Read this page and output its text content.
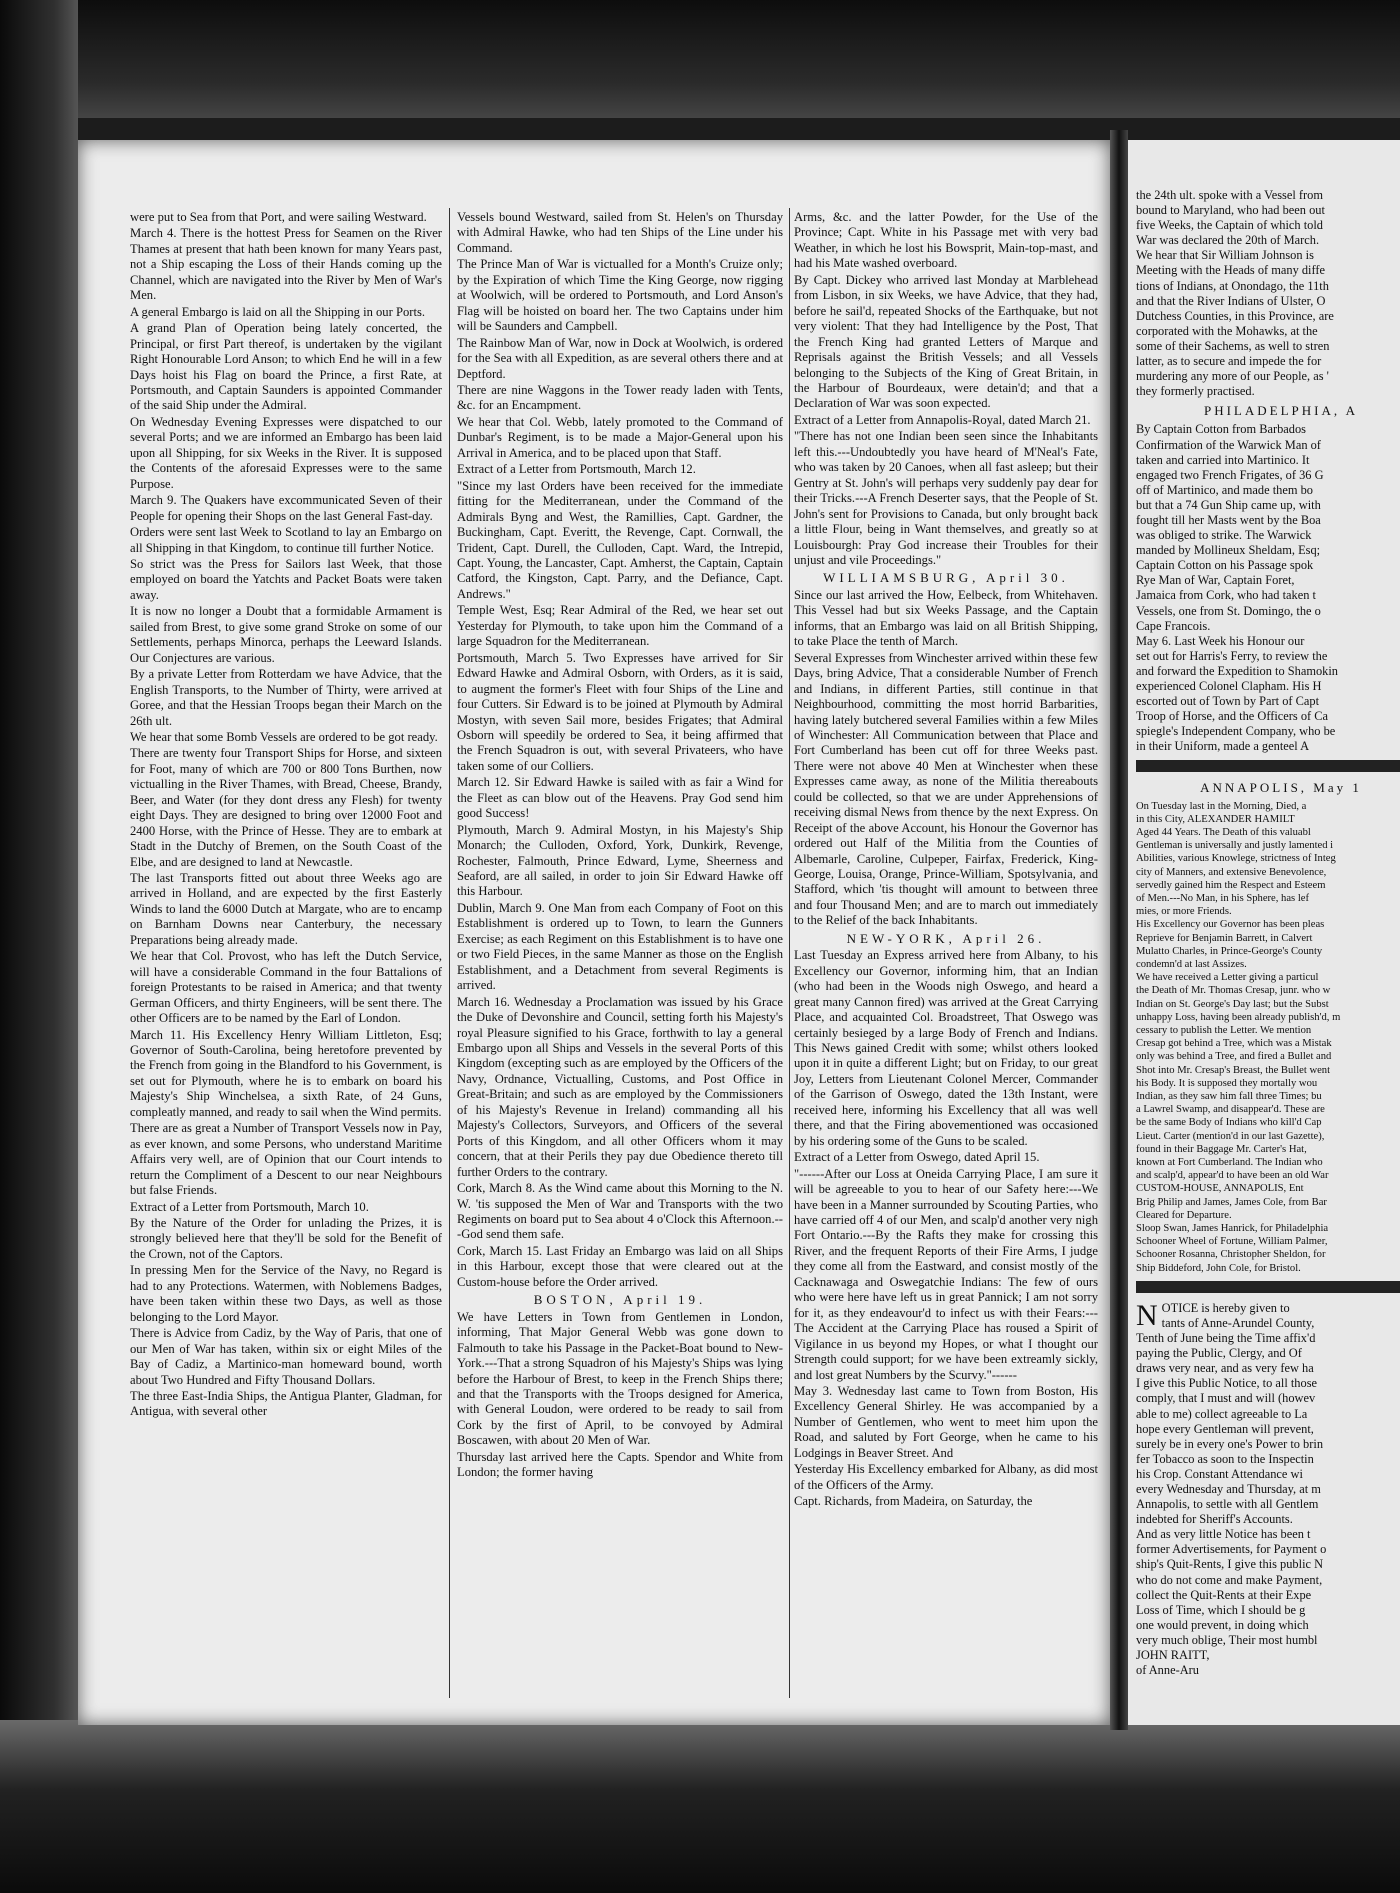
were put to Sea from that Port, and were sailing Westward.

March 4. There is the hottest Press for Seamen on the River Thames at present that hath been known for many Years past, not a Ship escaping the Loss of their Hands coming up the Channel, which are navigated into the River by Men of War's Men.

A general Embargo is laid on all the Shipping in our Ports.

A grand Plan of Operation being lately concerted, the Principal, or first Part thereof, is undertaken by the vigilant Right Honourable Lord Anson; to which End he will in a few Days hoist his Flag on board the Prince, a first Rate, at Portsmouth, and Captain Saunders is appointed Commander of the said Ship under the Admiral.

On Wednesday Evening Expresses were dispatched to our several Ports; and we are informed an Embargo has been laid upon all Shipping, for six Weeks in the River. It is supposed the Contents of the aforesaid Expresses were to the same Purpose.

March 9. The Quakers have excommunicated Seven of their People for opening their Shops on the last General Fast-day.

Orders were sent last Week to Scotland to lay an Embargo on all Shipping in that Kingdom, to continue till further Notice.

So strict was the Press for Sailors last Week, that those employed on board the Yatchts and Packet Boats were taken away.

It is now no longer a Doubt that a formidable Armament is sailed from Brest, to give some grand Stroke on some of our Settlements, perhaps Minorca, perhaps the Leeward Islands. Our Conjectures are various.

By a private Letter from Rotterdam we have Advice, that the English Transports, to the Number of Thirty, were arrived at Goree, and that the Hessian Troops began their March on the 26th ult.

We hear that some Bomb Vessels are ordered to be got ready.

There are twenty four Transport Ships for Horse, and sixteen for Foot, many of which are 700 or 800 Tons Burthen, now victualling in the River Thames, with Bread, Cheese, Brandy, Beer, and Water (for they dont dress any Flesh) for twenty eight Days. They are designed to bring over 12000 Foot and 2400 Horse, with the Prince of Hesse. They are to embark at Stadt in the Dutchy of Bremen, on the South Coast of the Elbe, and are designed to land at Newcastle.

The last Transports fitted out about three Weeks ago are arrived in Holland, and are expected by the first Easterly Winds to land the 6000 Dutch at Margate, who are to encamp on Barnham Downs near Canterbury, the necessary Preparations being already made.

We hear that Col. Provost, who has left the Dutch Service, will have a considerable Command in the four Battalions of foreign Protestants to be raised in America; and that twenty German Officers, and thirty Engineers, will be sent there. The other Officers are to be named by the Earl of London.

March 11. His Excellency Henry William Littleton, Esq; Governor of South-Carolina, being heretofore prevented by the French from going in the Blandford to his Government, is set out for Plymouth, where he is to embark on board his Majesty's Ship Winchelsea, a sixth Rate, of 24 Guns, compleatly manned, and ready to sail when the Wind permits.

There are as great a Number of Transport Vessels now in Pay, as ever known, and some Persons, who understand Maritime Affairs very well, are of Opinion that our Court intends to return the Compliment of a Descent to our near Neighbours but false Friends.

Extract of a Letter from Portsmouth, March 10.

By the Nature of the Order for unlading the Prizes, it is strongly believed here that they'll be sold for the Benefit of the Crown, not of the Captors.

In pressing Men for the Service of the Navy, no Regard is had to any Protections. Watermen, with Noblemens Badges, have been taken within these two Days, as well as those belonging to the Lord Mayor.

There is Advice from Cadiz, by the Way of Paris, that one of our Men of War has taken, within six or eight Miles of the Bay of Cadiz, a Martinico-man homeward bound, worth about Two Hundred and Fifty Thousand Dollars.

The three East-India Ships, the Antigua Planter, Gladman, for Antigua, with several other

Vessels bound Westward, sailed from St. Helen's on Thursday with Admiral Hawke, who had ten Ships of the Line under his Command.

The Prince Man of War is victualled for a Month's Cruize only; by the Expiration of which Time the King George, now rigging at Woolwich, will be ordered to Portsmouth, and Lord Anson's Flag will be hoisted on board her. The two Captains under him will be Saunders and Campbell.

The Rainbow Man of War, now in Dock at Woolwich, is ordered for the Sea with all Expedition, as are several others there and at Deptford.

There are nine Waggons in the Tower ready laden with Tents, &c. for an Encampment.

We hear that Col. Webb, lately promoted to the Command of Dunbar's Regiment, is to be made a Major-General upon his Arrival in America, and to be placed upon that Staff.

Extract of a Letter from Portsmouth, March 12.

"Since my last Orders have been received for the immediate fitting for the Mediterranean, under the Command of the Admirals Byng and West, the Ramillies, Capt. Gardner, the Buckingham, Capt. Everitt, the Revenge, Capt. Cornwall, the Trident, Capt. Durell, the Culloden, Capt. Ward, the Intrepid, Capt. Young, the Lancaster, Capt. Amherst, the Captain, Captain Catford, the Kingston, Capt. Parry, and the Defiance, Capt. Andrews."

Temple West, Esq; Rear Admiral of the Red, we hear set out Yesterday for Plymouth, to take upon him the Command of a large Squadron for the Mediterranean.

Portsmouth, March 5. Two Expresses have arrived for Sir Edward Hawke and Admiral Osborn, with Orders, as it is said, to augment the former's Fleet with four Ships of the Line and four Cutters. Sir Edward is to be joined at Plymouth by Admiral Mostyn, with seven Sail more, besides Frigates; that Admiral Osborn will speedily be ordered to Sea, it being affirmed that the French Squadron is out, with several Privateers, who have taken some of our Colliers.

March 12. Sir Edward Hawke is sailed with as fair a Wind for the Fleet as can blow out of the Heavens. Pray God send him good Success!

Plymouth, March 9. Admiral Mostyn, in his Majesty's Ship Monarch; the Culloden, Oxford, York, Dunkirk, Revenge, Rochester, Falmouth, Prince Edward, Lyme, Sheerness and Seaford, are all sailed, in order to join Sir Edward Hawke off this Harbour.

Dublin, March 9. One Man from each Company of Foot on this Establishment is ordered up to Town, to learn the Gunners Exercise; as each Regiment on this Establishment is to have one or two Field Pieces, in the same Manner as those on the English Establishment, and a Detachment from several Regiments is arrived.

March 16. Wednesday a Proclamation was issued by his Grace the Duke of Devonshire and Council, setting forth his Majesty's royal Pleasure signified to his Grace, forthwith to lay a general Embargo upon all Ships and Vessels in the several Ports of this Kingdom (excepting such as are employed by the Officers of the Navy, Ordnance, Victualling, Customs, and Post Office in Great-Britain; and such as are employed by the Commissioners of his Majesty's Revenue in Ireland) commanding all his Majesty's Collectors, Surveyors, and Officers of the several Ports of this Kingdom, and all other Officers whom it may concern, that at their Perils they pay due Obedience thereto till further Orders to the contrary.

Cork, March 8. As the Wind came about this Morning to the N. W. 'tis supposed the Men of War and Transports with the two Regiments on board put to Sea about 4 o'Clock this Afternoon.---God send them safe.

Cork, March 15. Last Friday an Embargo was laid on all Ships in this Harbour, except those that were cleared out at the Custom-house before the Order arrived.

BOSTON, April 19.

We have Letters in Town from Gentlemen in London, informing, That Major General Webb was gone down to Falmouth to take his Passage in the Packet-Boat bound to New-York.---That a strong Squadron of his Majesty's Ships was lying before the Harbour of Brest, to keep in the French Ships there; and that the Transports with the Troops designed for America, with General Loudon, were ordered to be ready to sail from Cork by the first of April, to be convoyed by Admiral Boscawen, with about 20 Men of War.

Thursday last arrived here the Capts. Spendor and White from London; the former having

Arms, &c. and the latter Powder, for the Use of the Province; Capt. White in his Passage met with very bad Weather, in which he lost his Bowsprit, Main-top-mast, and had his Mate washed overboard.

By Capt. Dickey who arrived last Monday at Marblehead from Lisbon, in six Weeks, we have Advice, that they had, before he sail'd, repeated Shocks of the Earthquake, but not very violent: That they had Intelligence by the Post, That the French King had granted Letters of Marque and Reprisals against the British Vessels; and all Vessels belonging to the Subjects of the King of Great Britain, in the Harbour of Bourdeaux, were detain'd; and that a Declaration of War was soon expected.

Extract of a Letter from Annapolis-Royal, dated March 21.

"There has not one Indian been seen since the Inhabitants left this.---Undoubtedly you have heard of M'Neal's Fate, who was taken by 20 Canoes, when all fast asleep; but their Gentry at St. John's will perhaps very suddenly pay dear for their Tricks.---A French Deserter says, that the People of St. John's sent for Provisions to Canada, but only brought back a little Flour, being in Want themselves, and greatly so at Louisbourgh: Pray God increase their Troubles for their unjust and vile Proceedings."

WILLIAMSBURG, April 30.

Since our last arrived the How, Eelbeck, from Whitehaven. This Vessel had but six Weeks Passage, and the Captain informs, that an Embargo was laid on all British Shipping, to take Place the tenth of March.

Several Expresses from Winchester arrived within these few Days, bring Advice, That a considerable Number of French and Indians, in different Parties, still continue in that Neighbourhood, committing the most horrid Barbarities, having lately butchered several Families within a few Miles of Winchester: All Communication between that Place and Fort Cumberland has been cut off for three Weeks past. There were not above 40 Men at Winchester when these Expresses came away, as none of the Militia thereabouts could be collected, so that we are under Apprehensions of receiving dismal News from thence by the next Express. On Receipt of the above Account, his Honour the Governor has ordered out Half of the Militia from the Counties of Albemarle, Caroline, Culpeper, Fairfax, Frederick, King-George, Louisa, Orange, Prince-William, Spotsylvania, and Stafford, which 'tis thought will amount to between three and four Thousand Men; and are to march out immediately to the Relief of the back Inhabitants.

NEW-YORK, April 26.

Last Tuesday an Express arrived here from Albany, to his Excellency our Governor, informing him, that an Indian (who had been in the Woods nigh Oswego, and heard a great many Cannon fired) was arrived at the Great Carrying Place, and acquainted Col. Broadstreet, That Oswego was certainly besieged by a large Body of French and Indians. This News gained Credit with some; whilst others looked upon it in quite a different Light; but on Friday, to our great Joy, Letters from Lieutenant Colonel Mercer, Commander of the Garrison of Oswego, dated the 13th Instant, were received here, informing his Excellency that all was well there, and that the Firing abovementioned was occasioned by his ordering some of the Guns to be scaled.

Extract of a Letter from Oswego, dated April 15.

"------After our Loss at Oneida Carrying Place, I am sure it will be agreeable to you to hear of our Safety here:---We have been in a Manner surrounded by Scouting Parties, who have carried off 4 of our Men, and scalp'd another very nigh Fort Ontario.---By the Rafts they make for crossing this River, and the frequent Reports of their Fire Arms, I judge they come all from the Eastward, and consist mostly of the Cacknawaga and Oswegatchie Indians: The few of ours who were here have left us in great Pannick; I am not sorry for it, as they endeavour'd to infect us with their Fears:---The Accident at the Carrying Place has roused a Spirit of Vigilance in us beyond my Hopes, or what I thought our Strength could support; for we have been extreamly sickly, and lost great Numbers by the Scurvy."------

May 3. Wednesday last came to Town from Boston, His Excellency General Shirley. He was accompanied by a Number of Gentlemen, who went to meet him upon the Road, and saluted by Fort George, when he came to his Lodgings in Beaver Street. And

Yesterday His Excellency embarked for Albany, as did most of the Officers of the Army.

Capt. Richards, from Madeira, on Saturday, the

the 24th ult. spoke with a Vessel from
bound to Maryland, who had been out
five Weeks, the Captain of which told
War was declared the 20th of March.
We hear that Sir William Johnson is
Meeting with the Heads of many diffe
tions of Indians, at Onondago, the 11th
and that the River Indians of Ulster, O
Dutchess Counties, in this Province, are
corporated with the Mohawks, at the
some of their Sachems, as well to stren
latter, as to secure and impede the for
murdering any more of our People, as '
they formerly practised.
PHILADELPHIA, A
By Captain Cotton from Barbados
Confirmation of the Warwick Man of
taken and carried into Martinico. It
engaged two French Frigates, of 36 G
off of Martinico, and made them bo
but that a 74 Gun Ship came up, with
fought till her Masts went by the Boa
was obliged to strike. The Warwick
manded by Mollineux Sheldam, Esq;
Captain Cotton on his Passage spok
Rye Man of War, Captain Foret,
Jamaica from Cork, who had taken t
Vessels, one from St. Domingo, the o
Cape Francois.
May 6. Last Week his Honour our
set out for Harris's Ferry, to review the
and forward the Expedition to Shamokin
experienced Colonel Clapham. His H
escorted out of Town by Part of Capt
Troop of Horse, and the Officers of Ca
spiegle's Independent Company, who be
in their Uniform, made a genteel A
ANNAPOLIS, May 1
On Tuesday last in the Morning, Died, a
in this City, ALEXANDER HAMILT
Aged 44 Years. The Death of this valuabl
Gentleman is universally and justly lamented i
Abilities, various Knowlege, strictness of Integ
city of Manners, and extensive Benevolence,
servedly gained him the Respect and Esteem
of Men.---No Man, in his Sphere, has lef
mies, or more Friends.
His Excellency our Governor has been pleas
Reprieve for Benjamin Barrett, in Calvert
Mulatto Charles, in Prince-George's County
condemn'd at last Assizes.
We have received a Letter giving a particul
the Death of Mr. Thomas Cresap, junr. who w
Indian on St. George's Day last; but the Subst
unhappy Loss, having been already publish'd, m
cessary to publish the Letter. We mention
Cresap got behind a Tree, which was a Mistak
only was behind a Tree, and fired a Bullet and
Shot into Mr. Cresap's Breast, the Bullet went
his Body. It is supposed they mortally wou
Indian, as they saw him fall three Times; bu
a Lawrel Swamp, and disappear'd. These are
be the same Body of Indians who kill'd Cap
Lieut. Carter (mention'd in our last Gazette),
found in their Baggage Mr. Carter's Hat,
known at Fort Cumberland. The Indian who
and scalp'd, appear'd to have been an old War
CUSTOM-HOUSE, ANNAPOLIS, Ent
Brig Philip and James, James Cole, from Bar
Cleared for Departure.
Sloop Swan, James Hanrick, for Philadelphia
Schooner Wheel of Fortune, William Palmer,
Schooner Rosanna, Christopher Sheldon, for
Ship Biddeford, John Cole, for Bristol.
N OTICE is hereby given to
tants of Anne-Arundel County,
Tenth of June being the Time affix'd
paying the Public, Clergy, and Of
draws very near, and as very few ha
I give this Public Notice, to all those
comply, that I must and will (howev
able to me) collect agreeable to La
hope every Gentleman will prevent,
surely be in every one's Power to brin
fer Tobacco as soon to the Inspectin
his Crop. Constant Attendance wi
every Wednesday and Thursday, at m
Annapolis, to settle with all Gentlem
indebted for Sheriff's Accounts.
And as very little Notice has been t
former Advertisements, for Payment o
ship's Quit-Rents, I give this public N
who do not come and make Payment,
collect the Quit-Rents at their Expe
Loss of Time, which I should be g
one would prevent, in doing which
very much oblige, Their most humbl
JOHN RAITT,
of Anne-Aru
